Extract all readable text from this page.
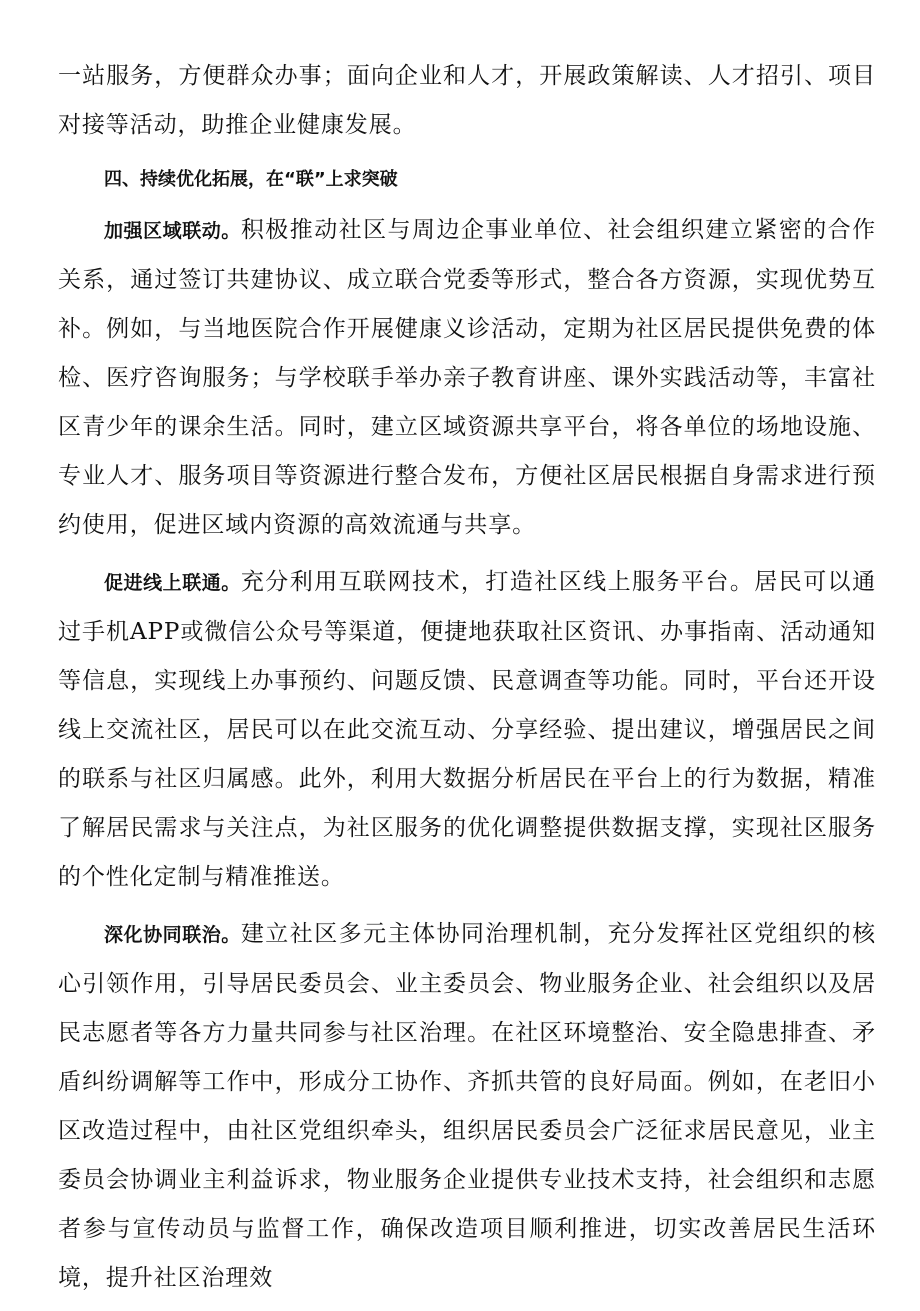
一站服务，方便群众办事；面向企业和人才，开展政策解读、人才招引、项目对接等活动，助推企业健康发展。

四、持续优化拓展，在“联”上求突破

加强区域联动。积极推动社区与周边企事业单位、社会组织建立紧密的合作关系，通过签订共建协议、成立联合党委等形式，整合各方资源，实现优势互补。例如，与当地医院合作开展健康义诊活动，定期为社区居民提供免费的体检、医疗咨询服务；与学校联手举办亲子教育讲座、课外实践活动等，丰富社区青少年的课余生活。同时，建立区域资源共享平台，将各单位的场地设施、专业人才、服务项目等资源进行整合发布，方便社区居民根据自身需求进行预约使用，促进区域内资源的高效流通与共享。

促进线上联通。充分利用互联网技术，打造社区线上服务平台。居民可以通过手机APP或微信公众号等渠道，便捷地获取社区资讯、办事指南、活动通知等信息，实现线上办事预约、问题反馈、民意调查等功能。同时，平台还开设线上交流社区，居民可以在此交流互动、分享经验、提出建议，增强居民之间的联系与社区归属感。此外，利用大数据分析居民在平台上的行为数据，精准了解居民需求与关注点，为社区服务的优化调整提供数据支撑，实现社区服务的个性化定制与精准推送。

深化协同联治。建立社区多元主体协同治理机制，充分发挥社区党组织的核心引领作用，引导居民委员会、业主委员会、物业服务企业、社会组织以及居民志愿者等各方力量共同参与社区治理。在社区环境整治、安全隐患排查、矛盾纠纷调解等工作中，形成分工协作、齐抓共管的良好局面。例如，在老旧小区改造过程中，由社区党组织牵头，组织居民委员会广泛征求居民意见，业主委员会协调业主利益诉求，物业服务企业提供专业技术支持，社会组织和志愿者参与宣传动员与监督工作，确保改造项目顺利推进，切实改善居民生活环境，提升社区治理效
